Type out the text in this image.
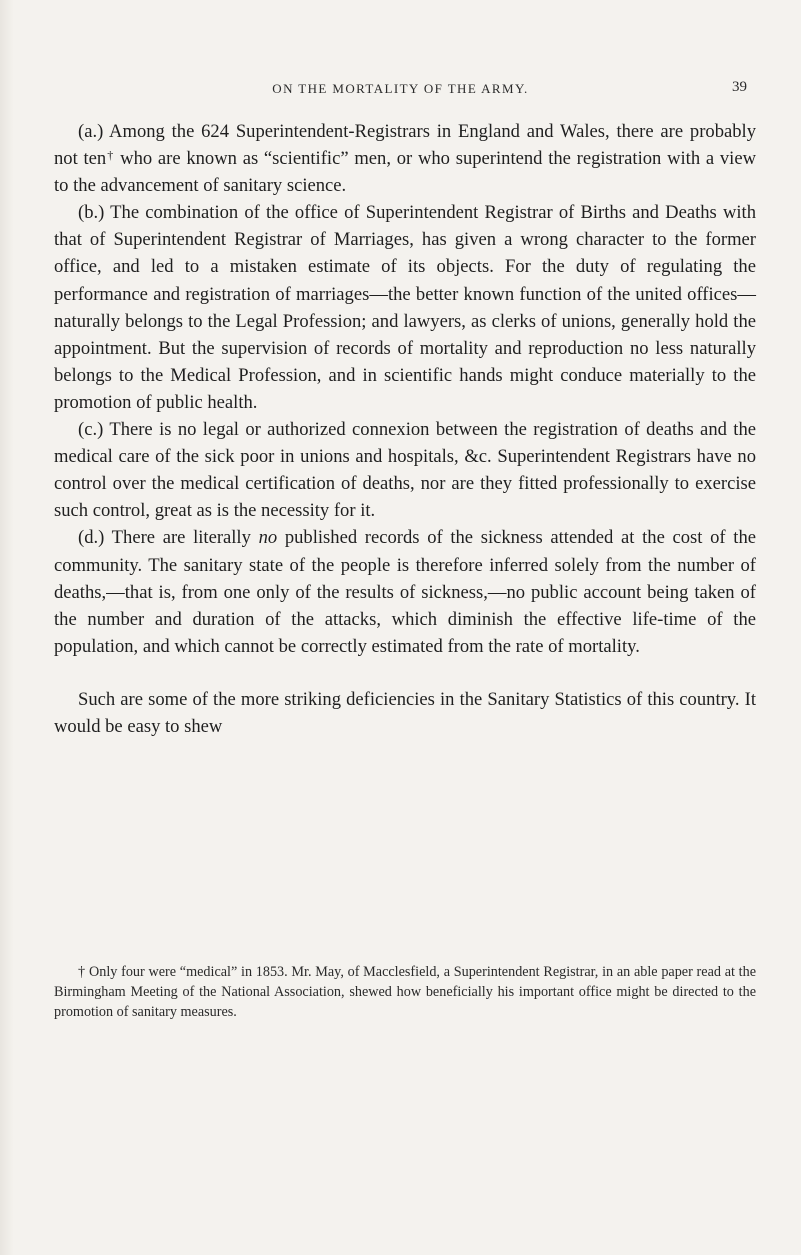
ON THE MORTALITY OF THE ARMY.	39

(a.) Among the 624 Superintendent-Registrars in England and Wales, there are probably not ten† who are known as “scientific” men, or who superintend the registration with a view to the advancement of sanitary science.

(b.) The combination of the office of Superintendent Registrar of Births and Deaths with that of Superintendent Registrar of Marriages, has given a wrong character to the former office, and led to a mistaken estimate of its objects. For the duty of regulating the performance and registration of marriages—the better known function of the united offices—naturally belongs to the Legal Profession; and lawyers, as clerks of unions, generally hold the appointment. But the supervision of records of mortality and reproduction no less naturally belongs to the Medical Profession, and in scientific hands might conduce materially to the promotion of public health.

(c.) There is no legal or authorized connexion between the registration of deaths and the medical care of the sick poor in unions and hospitals, &c. Superintendent Registrars have no control over the medical certification of deaths, nor are they fitted professionally to exercise such control, great as is the necessity for it.

(d.) There are literally no published records of the sickness attended at the cost of the community. The sanitary state of the people is therefore inferred solely from the number of deaths,—that is, from one only of the results of sickness,—no public account being taken of the number and duration of the attacks, which diminish the effective life-time of the population, and which cannot be correctly estimated from the rate of mortality.

Such are some of the more striking deficiencies in the Sanitary Statistics of this country. It would be easy to shew

† Only four were “medical” in 1853. Mr. May, of Macclesfield, a Superintendent Registrar, in an able paper read at the Birmingham Meeting of the National Association, shewed how beneficially his important office might be directed to the promotion of sanitary measures.
